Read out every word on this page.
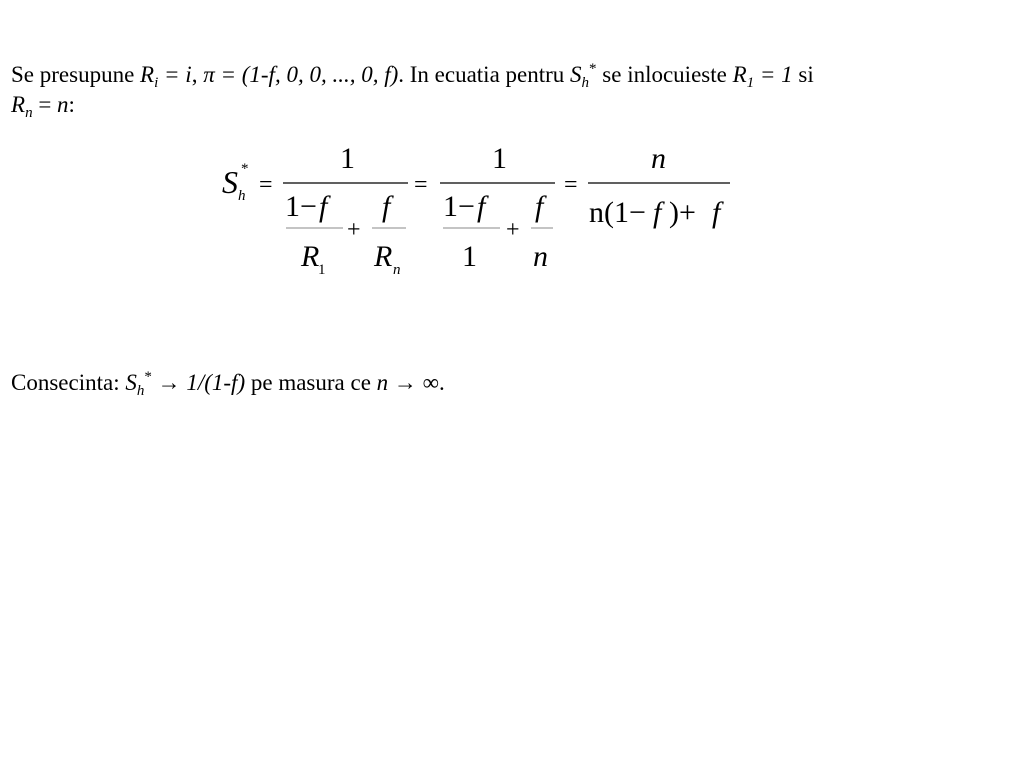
Se presupune $R_i = i$, π = (1-f, 0, 0, ..., 0, f). In ecuatia pentru $S_h^*$ se inlocuieste $R_1 = 1$ si
$R_n = n$:
S *
h =
1
1− f
R
1
+
f
R n
=
1
1− f
1
+
f
n
=
n
n(1− f )+ f
Consecinta: $S_h^* \to 1/(1-f)$ pe masura ce n → ∞.
